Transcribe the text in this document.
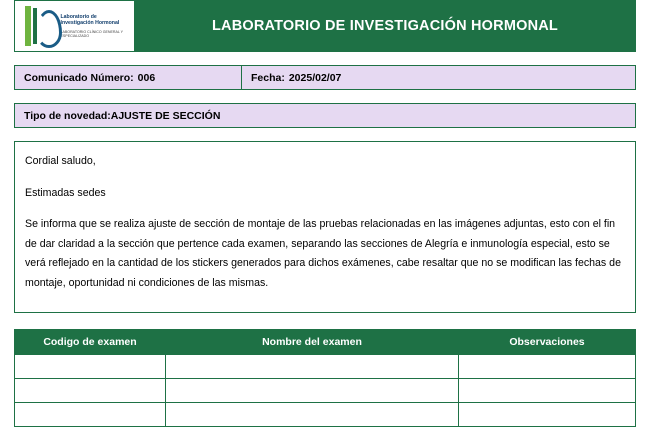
Laboratorio de Investigación Hormonal
LABORATORIO CLÍNICO GENERAL Y ESPECIALIZADO
LABORATORIO DE INVESTIGACIÓN HORMONAL
Comunicado Número: 006	Fecha: 2025/02/07
Tipo de novedad: AJUSTE DE SECCIÓN

Cordial saludo,

Estimadas sedes

Se informa que se realiza ajuste de sección de montaje de las pruebas relacionadas en las imágenes adjuntas, esto con el fin de dar claridad a la sección que pertence cada examen, separando las secciones de Alegría e inmunología especial, esto se verá reflejado en la cantidad de los stickers generados para dichos exámenes, cabe resaltar que no se modifican las fechas de montaje, oportunidad ni condiciones de las mismas.

Codigo de examen	Nombre del examen	Observaciones
